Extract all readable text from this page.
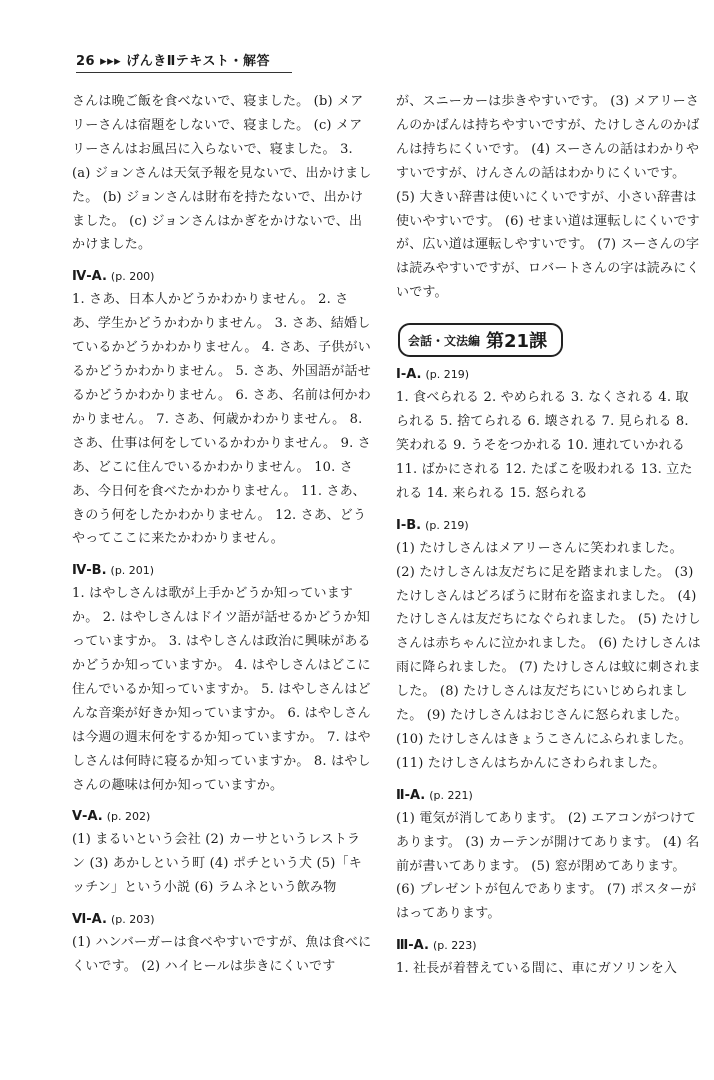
26 ▸▸▸ げんきⅡテキスト・解答
さんは晩ご飯を食べないで、寝ました。 (b) メアリーさんは宿題をしないで、寝ました。 (c) メアリーさんはお風呂に入らないで、寝ました。 3. (a) ジョンさんは天気予報を見ないで、出かけました。 (b) ジョンさんは財布を持たないで、出かけました。 (c) ジョンさんはかぎをかけないで、出かけました。
Ⅳ-A. (p. 200)
1. さあ、日本人かどうかわかりません。 2. さあ、学生かどうかわかりません。 3. さあ、結婚しているかどうかわかりません。 4. さあ、子供がいるかどうかわかりません。 5. さあ、外国語が話せるかどうかわかりません。 6. さあ、名前は何かわかりません。 7. さあ、何歳かわかりません。 8. さあ、仕事は何をしているかわかりません。 9. さあ、どこに住んでいるかわかりません。 10. さあ、今日何を食べたかわかりません。 11. さあ、きのう何をしたかわかりません。 12. さあ、どうやってここに来たかわかりません。
Ⅳ-B. (p. 201)
1. はやしさんは歌が上手かどうか知っていますか。 2. はやしさんはドイツ語が話せるかどうか知っていますか。 3. はやしさんは政治に興味があるかどうか知っていますか。 4. はやしさんはどこに住んでいるか知っていますか。 5. はやしさんはどんな音楽が好きか知っていますか。 6. はやしさんは今週の週末何をするか知っていますか。 7. はやしさんは何時に寝るか知っていますか。 8. はやしさんの趣味は何か知っていますか。
Ⅴ-A. (p. 202)
(1) まるいという会社 (2) カーサというレストラン (3) あかしという町 (4) ポチという犬 (5)「キッチン」という小説 (6) ラムネという飲み物
Ⅵ-A. (p. 203)
(1) ハンバーガーは食べやすいですが、魚は食べにくいです。 (2) ハイヒールは歩きにくいです
が、スニーカーは歩きやすいです。 (3) メアリーさんのかばんは持ちやすいですが、たけしさんのかばんは持ちにくいです。 (4) スーさんの話はわかりやすいですが、けんさんの話はわかりにくいです。 (5) 大きい辞書は使いにくいですが、小さい辞書は使いやすいです。 (6) せまい道は運転しにくいですが、広い道は運転しやすいです。 (7) スーさんの字は読みやすいですが、ロバートさんの字は読みにくいです。
会話・文法編 第21課
Ⅰ-A. (p. 219)
1. 食べられる 2. やめられる 3. なくされる 4. 取られる 5. 捨てられる 6. 壊される 7. 見られる 8. 笑われる 9. うそをつかれる 10. 連れていかれる 11. ばかにされる 12. たばこを吸われる 13. 立たれる 14. 来られる 15. 怒られる
Ⅰ-B. (p. 219)
(1) たけしさんはメアリーさんに笑われました。 (2) たけしさんは友だちに足を踏まれました。 (3) たけしさんはどろぼうに財布を盗まれました。 (4) たけしさんは友だちになぐられました。 (5) たけしさんは赤ちゃんに泣かれました。 (6) たけしさんは雨に降られました。 (7) たけしさんは蚊に刺されました。 (8) たけしさんは友だちにいじめられました。 (9) たけしさんはおじさんに怒られました。 (10) たけしさんはきょうこさんにふられました。 (11) たけしさんはちかんにさわられました。
Ⅱ-A. (p. 221)
(1) 電気が消してあります。 (2) エアコンがつけてあります。 (3) カーテンが開けてあります。 (4) 名前が書いてあります。 (5) 窓が閉めてあります。 (6) プレゼントが包んであります。 (7) ポスターがはってあります。
Ⅲ-A. (p. 223)
1. 社長が着替えている間に、車にガソリンを入
